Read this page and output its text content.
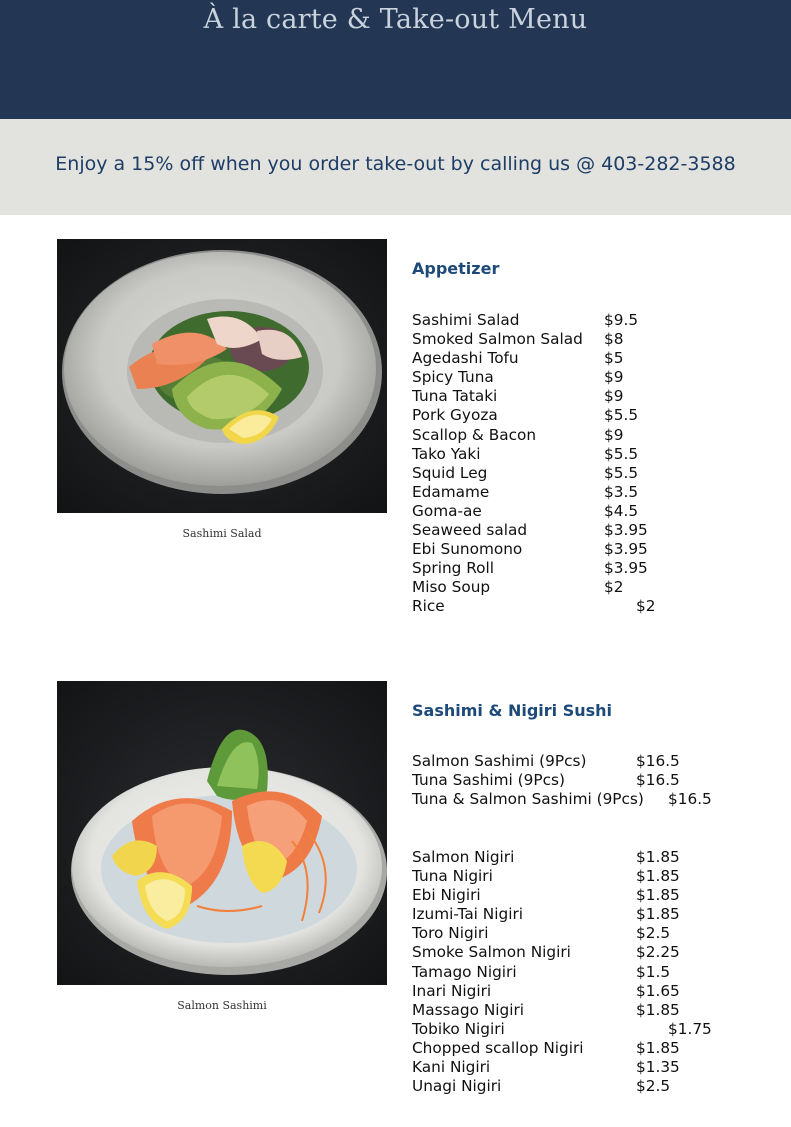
À la carte & Take-out Menu
Enjoy a 15% off when you order take-out by calling us @ 403-282-3588
Sashimi Salad
Appetizer
Sashimi Salad	$9.5
Smoked Salmon Salad $8
Agedashi Tofu	$5
Spicy Tuna	$9
Tuna Tataki	$9
Pork Gyoza	$5.5
Scallop & Bacon	$9
Tako Yaki	$5.5
Squid Leg	$5.5
Edamame	$3.5
Goma-ae	$4.5
Seaweed salad	$3.95
Ebi Sunomono	$3.95
Spring Roll	$3.95
Miso Soup	$2
Rice	$2
Salmon Sashimi
Sashimi & Nigiri Sushi
Salmon Sashimi (9Pcs)	$16.5
Tuna Sashimi (9Pcs)	$16.5
Tuna & Salmon Sashimi (9Pcs) $16.5
Salmon Nigiri	$1.85
Tuna Nigiri	$1.85
Ebi Nigiri	$1.85
Izumi-Tai Nigiri	$1.85
Toro Nigiri	$2.5
Smoke Salmon Nigiri	$2.25
Tamago Nigiri	$1.5
Inari Nigiri	$1.65
Massago Nigiri	$1.85
Tobiko Nigiri	$1.75
Chopped scallop Nigiri	$1.85
Kani Nigiri	$1.35
Unagi Nigiri	$2.5
